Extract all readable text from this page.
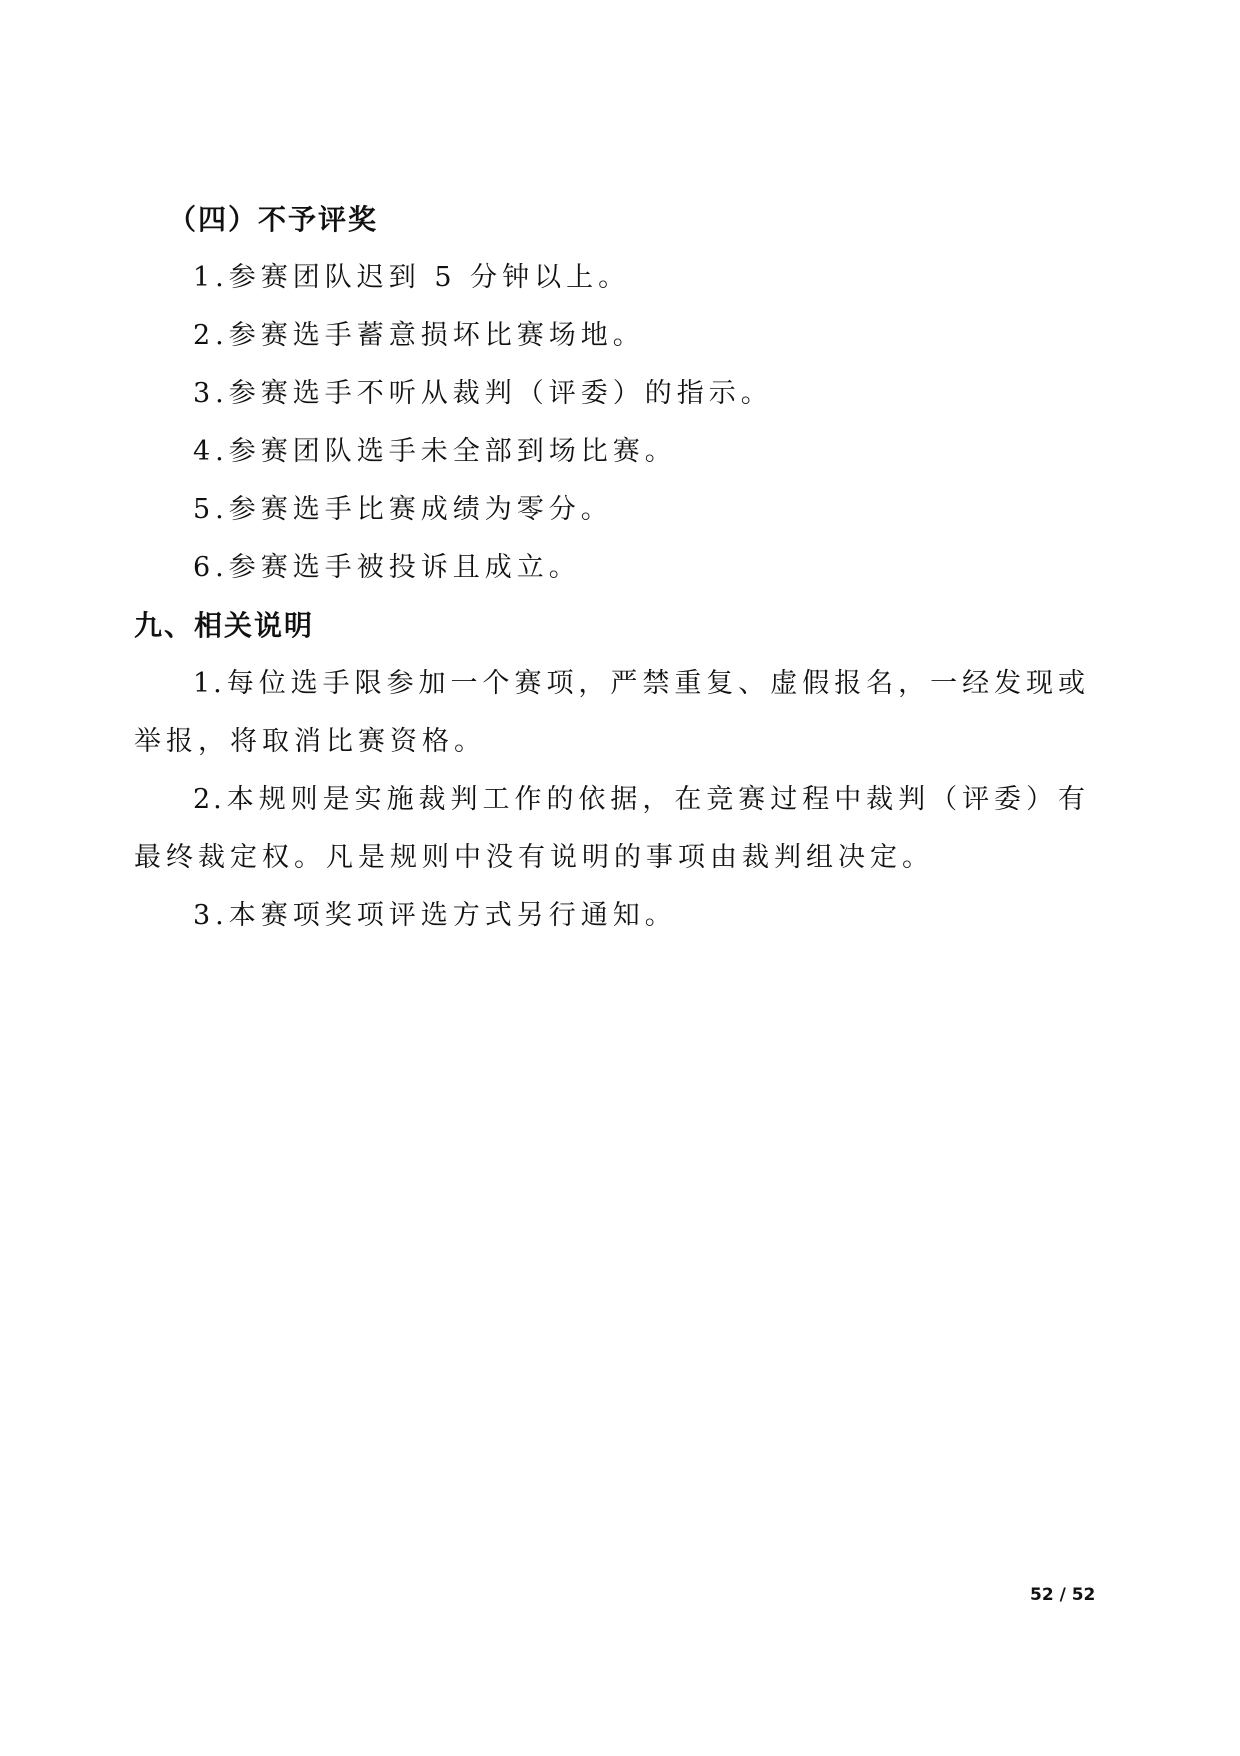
（四）不予评奖
1.参赛团队迟到 5 分钟以上。
2.参赛选手蓄意损坏比赛场地。
3.参赛选手不听从裁判（评委）的指示。
4.参赛团队选手未全部到场比赛。
5.参赛选手比赛成绩为零分。
6.参赛选手被投诉且成立。
九、相关说明
1.每位选手限参加一个赛项，严禁重复、虚假报名，一经发现或
举报，将取消比赛资格。
2.本规则是实施裁判工作的依据，在竞赛过程中裁判（评委）有
最终裁定权。凡是规则中没有说明的事项由裁判组决定。
3.本赛项奖项评选方式另行通知。
52 / 52
